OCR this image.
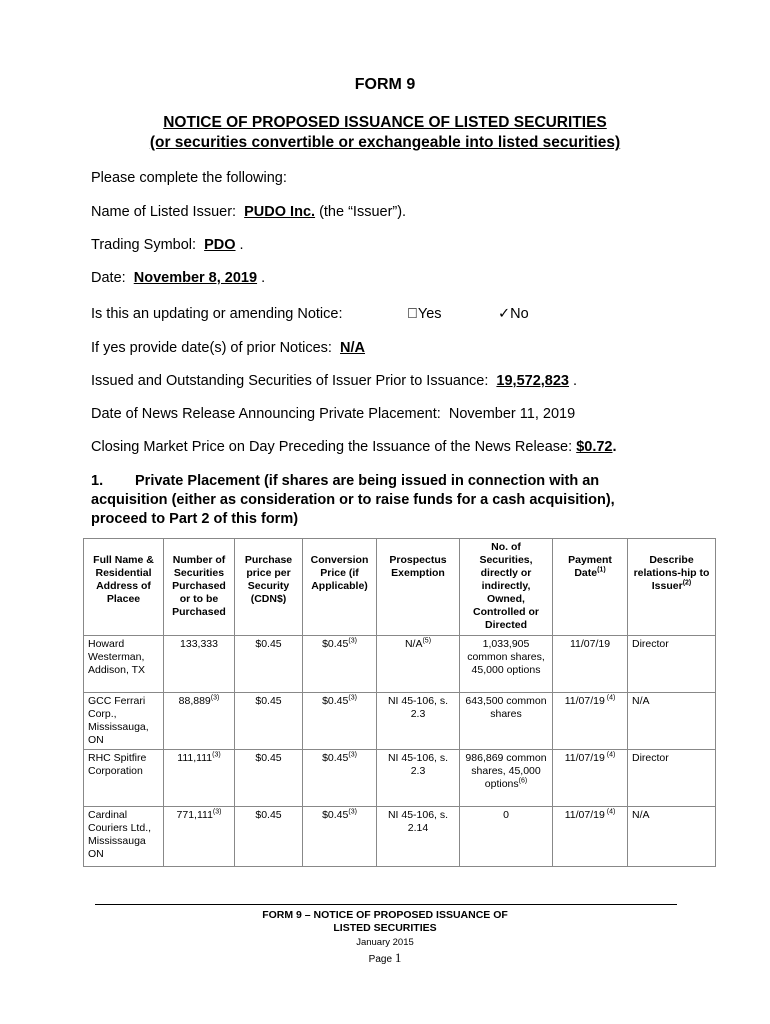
FORM 9
NOTICE OF PROPOSED ISSUANCE OF LISTED SECURITIES
(or securities convertible or exchangeable into listed securities)
Please complete the following:
Name of Listed Issuer: PUDO Inc. (the “Issuer”).
Trading Symbol: PDO .
Date: November 8, 2019 .
Is this an updating or amending Notice:	Yes	✓No
If yes provide date(s) of prior Notices: N/A
Issued and Outstanding Securities of Issuer Prior to Issuance: 19,572,823 .
Date of News Release Announcing Private Placement: November 11, 2019
Closing Market Price on Day Preceding the Issuance of the News Release: $0.72.
1. Private Placement (if shares are being issued in connection with an acquisition (either as consideration or to raise funds for a cash acquisition), proceed to Part 2 of this form)
Full Name & Residential Address of Placee	Number of Securities Purchased or to be Purchased	Purchase price per Security (CDN$)	Conversion Price (if Applicable)	Prospectus Exemption	No. of Securities, directly or indirectly, Owned, Controlled or Directed	Payment Date$^{(1)}$	Describe relations-hip to Issuer$^{(2)}$
Howard Westerman, Addison, TX	133,333	$0.45	$0.45$^{(3)}$	$N/A^{(5)}$	1,033,905 common shares, 45,000 options	11/07/19	Director
GCC Ferrari Corp., Mississauga, ON	88,889$^{(3)}$	$0.45	$0.45$^{(3)}$	NI 45-106, s. 2.3	643,500 common shares	11/07/19 $^{(4)}$	N/A
RHC Spitfire Corporation	111,111$^{(3)}$	$0.45	$0.45$^{(3)}$	NI 45-106, s. 2.3	986,869 common shares, 45,000 options$^{(6)}$	11/07/19 $^{(4)}$	Director
Cardinal Couriers Ltd., Mississauga ON	771,111$^{(3)}$	$0.45	$0.45$^{(3)}$	NI 45-106, s. 2.14	0	11/07/19 $^{(4)}$	N/A
FORM 9 – NOTICE OF PROPOSED ISSUANCE OF
LISTED SECURITIES
January 2015
Page 1
